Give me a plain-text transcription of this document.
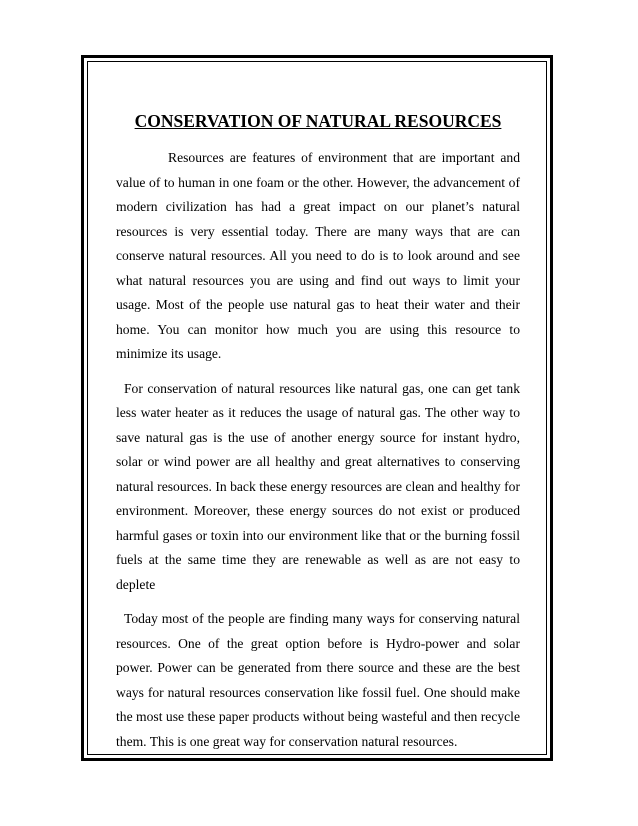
CONSERVATION OF NATURAL RESOURCES

Resources are features of environment that are important and value of to human in one foam or the other. However, the advancement of modern civilization has had a great impact on our planet’s natural resources is very essential today. There are many ways that are can conserve natural resources. All you need to do is to look around and see what natural resources you are using and find out ways to limit your usage. Most of the people use natural gas to heat their water and their home. You can monitor how much you are using this resource to minimize its usage.

For conservation of natural resources like natural gas, one can get tank less water heater as it reduces the usage of natural gas. The other way to save natural gas is the use of another energy source for instant hydro, solar or wind power are all healthy and great alternatives to conserving natural resources. In back these energy resources are clean and healthy for environment. Moreover, these energy sources do not exist or produced harmful gases or toxin into our environment like that or the burning fossil fuels at the same time they are renewable as well as are not easy to deplete

Today most of the people are finding many ways for conserving natural resources. One of the great option before is Hydro-power and solar power. Power can be generated from there source and these are the best ways for natural resources conservation like fossil fuel. One should make the most use these paper products without being wasteful and then recycle them. This is one great way for conservation natural resources.
